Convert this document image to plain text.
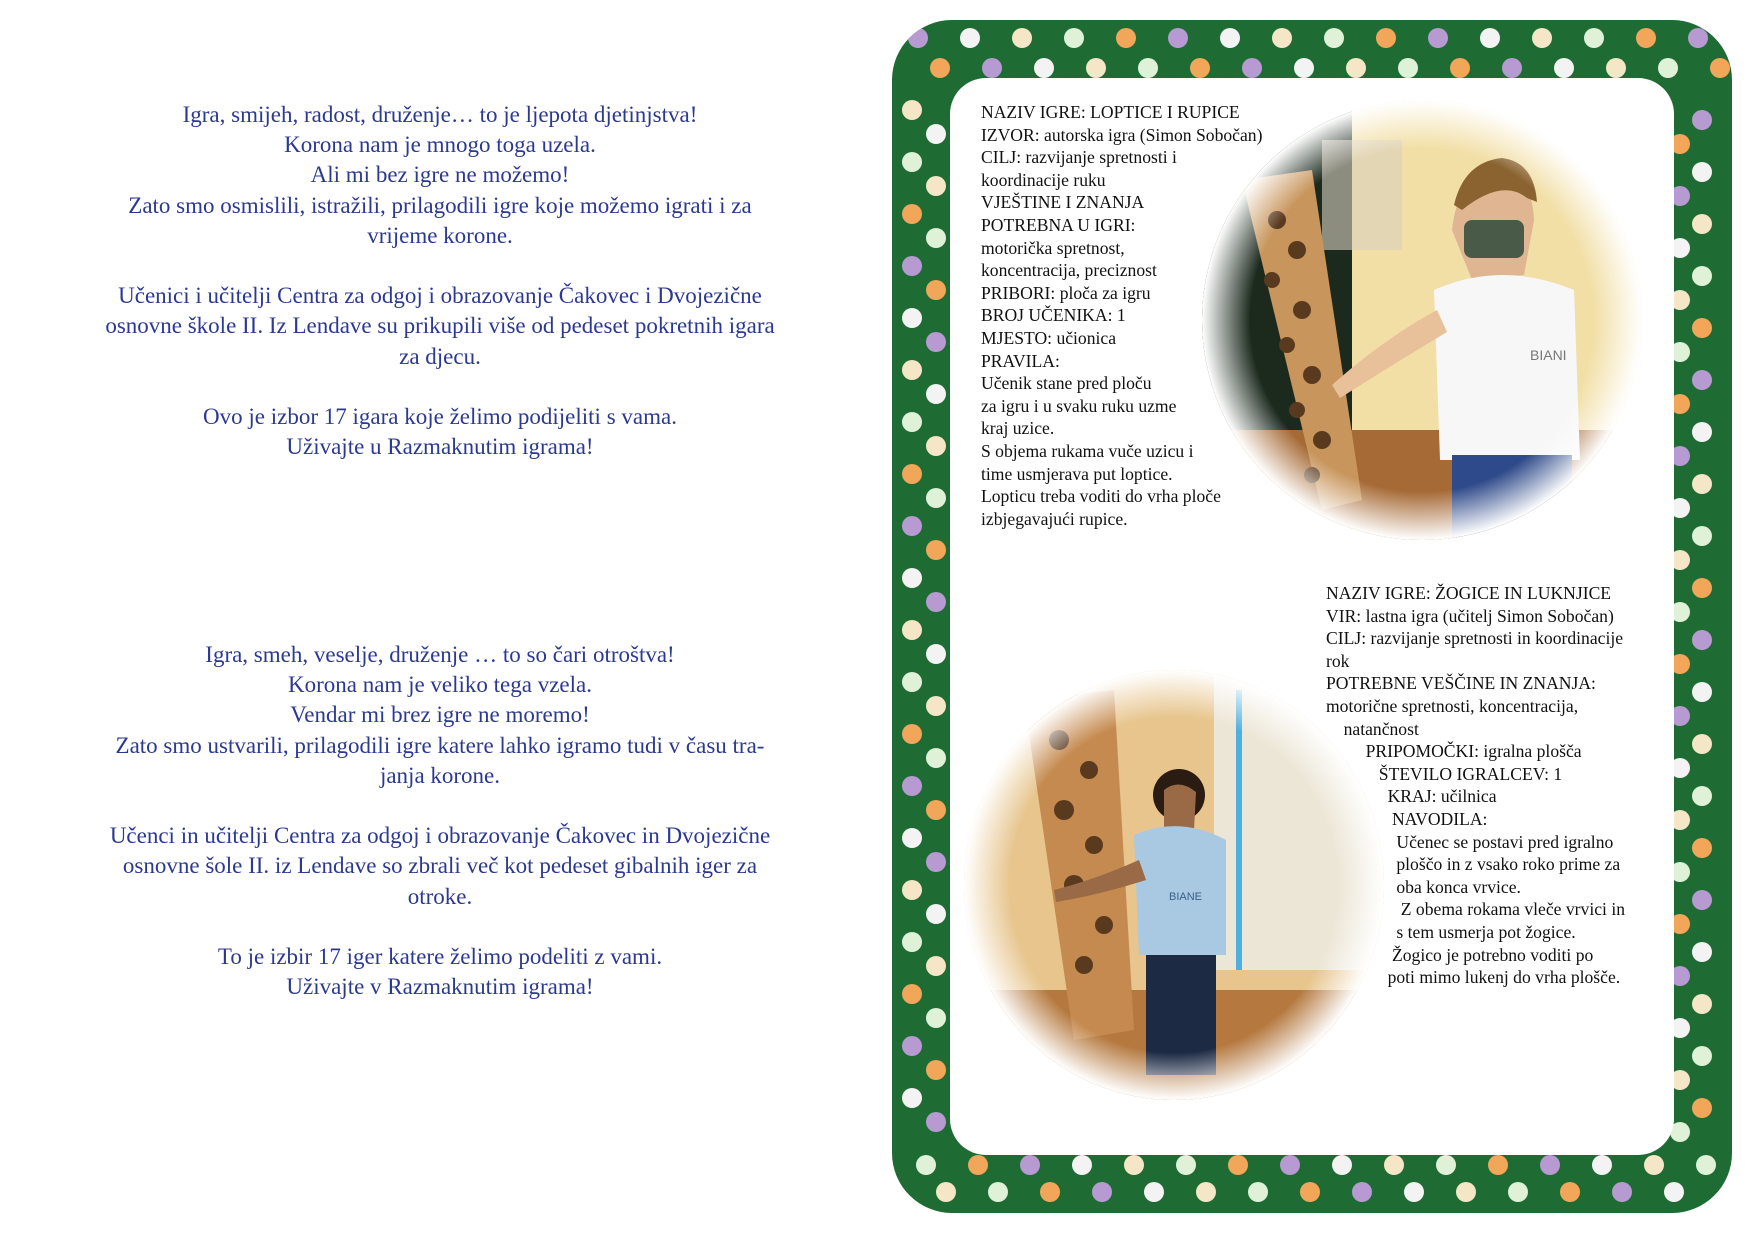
Igra, smijeh, radost, druženje… to je ljepota djetinjstva!
Korona nam je mnogo toga uzela.
Ali mi bez igre ne možemo!
Zato smo osmislili, istražili, prilagodili igre koje možemo igrati i za
vrijeme korone.

Učenici i učitelji Centra za odgoj i obrazovanje Čakovec i Dvojezične
osnovne škole II. Iz Lendave su prikupili više od pedeset pokretnih igara
za djecu.

Ovo je izbor 17 igara koje želimo podijeliti s vama.
Uživajte u Razmaknutim igrama!

Igra, smeh, veselje, druženje … to so čari otroštva!
Korona nam je veliko tega vzela.
Vendar mi brez igre ne moremo!
Zato smo ustvarili, prilagodili igre katere lahko igramo tudi v času tra-
janja korone.

Učenci in učitelji Centra za odgoj i obrazovanje Čakovec in Dvojezične
osnovne šole II. iz Lendave so zbrali več kot pedeset gibalnih iger za
otroke.

To je izbir 17 iger katere želimo podeliti z vami.
Uživajte v Razmaknutim igrama!

NAZIV IGRE: LOPTICE I RUPICE
IZVOR: autorska igra (Simon Sobočan)
CILJ: razvijanje spretnosti i
koordinacije ruku
VJEŠTINE I ZNANJA
POTREBNA U IGRI:
motorička spretnost,
koncentracija, preciznost
PRIBORI: ploča za igru
BROJ UČENIKA: 1
MJESTO: učionica
PRAVILA:
Učenik stane pred ploču
za igru i u svaku ruku uzme
kraj uzice.
S objema rukama vuče uzicu i
time usmjerava put loptice.
Lopticu treba voditi do vrha ploče
izbjegavajući rupice.
NAZIV IGRE: ŽOGICE IN LUKNJICE
VIR: lastna igra (učitelj Simon Sobočan)
CILJ: razvijanje spretnosti in koordinacije
rok
POTREBNE VEŠČINE IN ZNANJA:
motorične spretnosti, koncentracija,
natančnost
PRIPOMOČKI: igralna plošča
ŠTEVILO IGRALCEV: 1
KRAJ: učilnica
NAVODILA:
Učenec se postavi pred igralno
ploščo in z vsako roko prime za
oba konca vrvice.
Z obema rokama vleče vrvici in
s tem usmerja pot žogice.
Žogico je potrebno voditi po
poti mimo lukenj do vrha plošče.
